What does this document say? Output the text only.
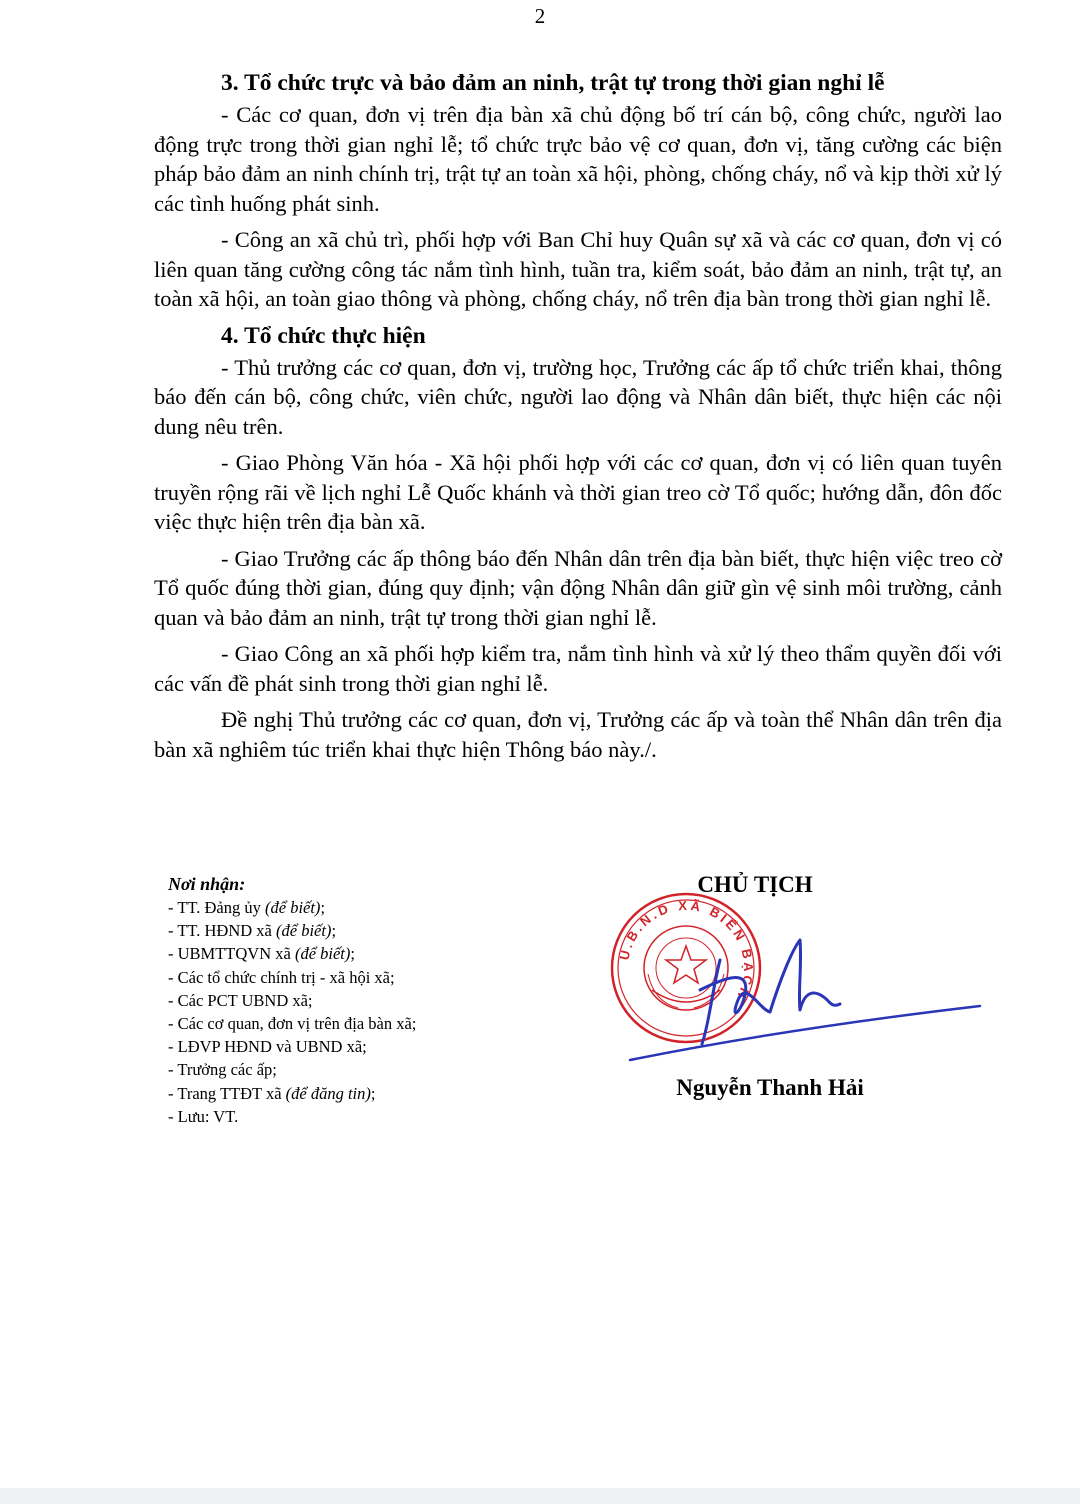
2
3. Tổ chức trực và bảo đảm an ninh, trật tự trong thời gian nghỉ lễ

- Các cơ quan, đơn vị trên địa bàn xã chủ động bố trí cán bộ, công chức, người lao động trực trong thời gian nghỉ lễ; tổ chức trực bảo vệ cơ quan, đơn vị, tăng cường các biện pháp bảo đảm an ninh chính trị, trật tự an toàn xã hội, phòng, chống cháy, nổ và kịp thời xử lý các tình huống phát sinh.

- Công an xã chủ trì, phối hợp với Ban Chỉ huy Quân sự xã và các cơ quan, đơn vị có liên quan tăng cường công tác nắm tình hình, tuần tra, kiểm soát, bảo đảm an ninh, trật tự, an toàn xã hội, an toàn giao thông và phòng, chống cháy, nổ trên địa bàn trong thời gian nghỉ lễ.

4. Tổ chức thực hiện

- Thủ trưởng các cơ quan, đơn vị, trường học, Trưởng các ấp tổ chức triển khai, thông báo đến cán bộ, công chức, viên chức, người lao động và Nhân dân biết, thực hiện các nội dung nêu trên.

- Giao Phòng Văn hóa - Xã hội phối hợp với các cơ quan, đơn vị có liên quan tuyên truyền rộng rãi về lịch nghỉ Lễ Quốc khánh và thời gian treo cờ Tổ quốc; hướng dẫn, đôn đốc việc thực hiện trên địa bàn xã.

- Giao Trưởng các ấp thông báo đến Nhân dân trên địa bàn biết, thực hiện việc treo cờ Tổ quốc đúng thời gian, đúng quy định; vận động Nhân dân giữ gìn vệ sinh môi trường, cảnh quan và bảo đảm an ninh, trật tự trong thời gian nghỉ lễ.

- Giao Công an xã phối hợp kiểm tra, nắm tình hình và xử lý theo thẩm quyền đối với các vấn đề phát sinh trong thời gian nghỉ lễ.

Đề nghị Thủ trưởng các cơ quan, đơn vị, Trưởng các ấp và toàn thể Nhân dân trên địa bàn xã nghiêm túc triển khai thực hiện Thông báo này./.

Nơi nhận:
- TT. Đảng ủy (để biết);
- TT. HĐND xã (để biết);
- UBMTTQVN xã (để biết);
- Các tổ chức chính trị - xã hội xã;
- Các PCT UBND xã;
- Các cơ quan, đơn vị trên địa bàn xã;
- LĐVP HĐND và UBND xã;
- Trưởng các ấp;
- Trang TTĐT xã (để đăng tin);
- Lưu: VT.
CHỦ TỊCH
U.B.N.D XÃ BIỂN BẠCH
Nguyễn Thanh Hải
